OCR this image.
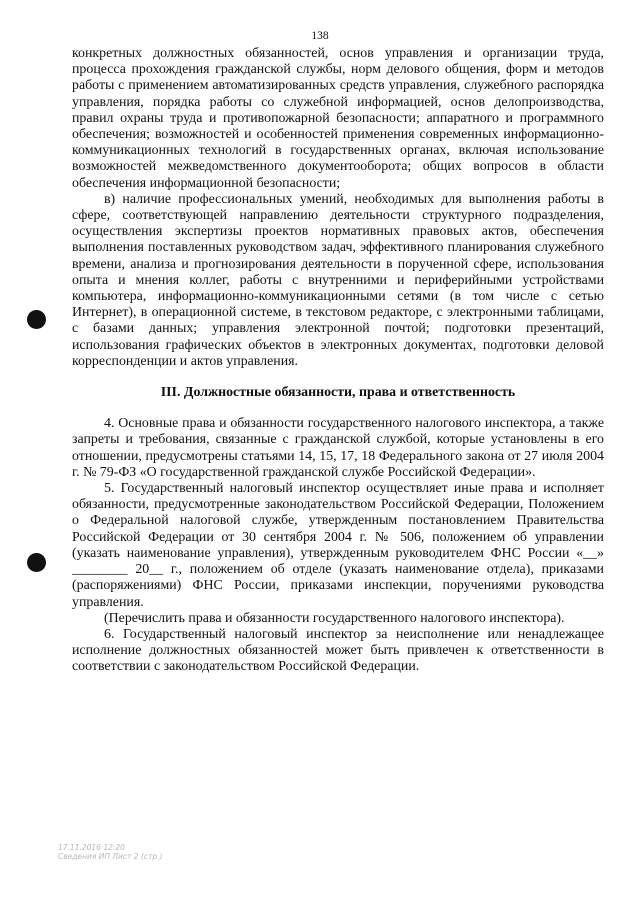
138

конкретных должностных обязанностей, основ управления и организации труда, процесса прохождения гражданской службы, норм делового общения, форм и методов работы с применением автоматизированных средств управления, служебного распорядка управления, порядка работы со служебной информацией, основ делопроизводства, правил охраны труда и противопожарной безопасности; аппаратного и программного обеспечения; возможностей и особенностей применения современных информационно-коммуникационных технологий в государственных органах, включая использование возможностей межведомственного документооборота; общих вопросов в области обеспечения информационной безопасности;

в) наличие профессиональных умений, необходимых для выполнения работы в сфере, соответствующей направлению деятельности структурного подразделения, осуществления экспертизы проектов нормативных правовых актов, обеспечения выполнения поставленных руководством задач, эффективного планирования служебного времени, анализа и прогнозирования деятельности в порученной сфере, использования опыта и мнения коллег, работы с внутренними и периферийными устройствами компьютера, информационно-коммуникационными сетями (в том числе с сетью Интернет), в операционной системе, в текстовом редакторе, с электронными таблицами, с базами данных; управления электронной почтой; подготовки презентаций, использования графических объектов в электронных документах, подготовки деловой корреспонденции и актов управления.

III. Должностные обязанности, права и ответственность

4. Основные права и обязанности государственного налогового инспектора, а также запреты и требования, связанные с гражданской службой, которые установлены в его отношении, предусмотрены статьями 14, 15, 17, 18 Федерального закона от 27 июля 2004 г. № 79-ФЗ «О государственной гражданской службе Российской Федерации».

5. Государственный налоговый инспектор осуществляет иные права и исполняет обязанности, предусмотренные законодательством Российской Федерации, Положением о Федеральной налоговой службе, утвержденным постановлением Правительства Российской Федерации от 30 сентября 2004 г. № 506, положением об управлении (указать наименование управления), утвержденным руководителем ФНС России «__» ________ 20__ г., положением об отделе (указать наименование отдела), приказами (распоряжениями) ФНС России, приказами инспекции, поручениями руководства управления.

(Перечислить права и обязанности государственного налогового инспектора).

6. Государственный налоговый инспектор за неисполнение или ненадлежащее исполнение должностных обязанностей может быть привлечен к ответственности в соответствии с законодательством Российской Федерации.

17.11.2016 12:20
Сведения ИП Лист 2 (стр.)
